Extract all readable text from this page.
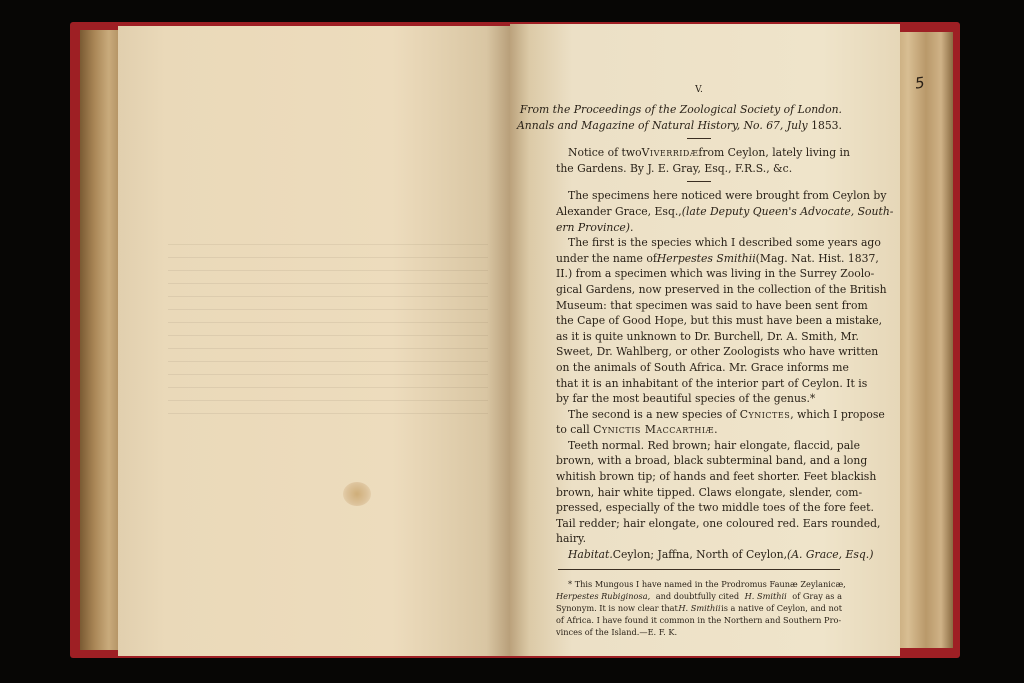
5
V.
From the Proceedings of the Zoological Society of London.
Annals and Magazine of Natural History, No. 67, July
1853.
Notice of two Viverridæ from Ceylon, lately living in
the Gardens. By J. E. Gray, Esq., F.R.S., &c.
The specimens here noticed were brought from Ceylon by
Alexander Grace, Esq., (late Deputy Queen's Advocate, South-
ern Province).
The first is the species which I described some years ago
under the name of Herpestes Smithii (Mag. Nat. Hist. 1837,
II.) from a specimen which was living in the Surrey Zoolo-
gical Gardens, now preserved in the collection of the British
Museum: that specimen was said to have been sent from
the Cape of Good Hope, but this must have been a mistake,
as it is quite unknown to Dr. Burchell, Dr. A. Smith, Mr.
Sweet, Dr. Wahlberg, or other Zoologists who have written
on the animals of South Africa. Mr. Grace informs me
that it is an inhabitant of the interior part of Ceylon. It is
by far the most beautiful species of the genus.*
The second is a new species of
Cynictes , which I propose
to call
Cynictis Maccarthiæ .
Teeth normal. Red brown; hair elongate, flaccid, pale
brown, with a broad, black subterminal band, and a long
whitish brown tip; of hands and feet shorter. Feet blackish
brown, hair white tipped. Claws elongate, slender, com-
pressed, especially of the two middle toes of the fore feet.
Tail redder; hair elongate, one coloured red. Ears rounded,
hairy.
Habitat. Ceylon; Jaffna, North of Ceylon, (A. Grace, Esq.)
* This Mungous I have named in the Prodromus Faunæ Zeylanicæ,
Herpestes Rubiginosa, and doubtfully cited H. Smithii of Gray as a
Synonym. It is now clear that H. Smithii is a native of Ceylon, and not
of Africa. I have found it common in the Northern and Southern Pro-
vinces of the Island.—E. F. K.
